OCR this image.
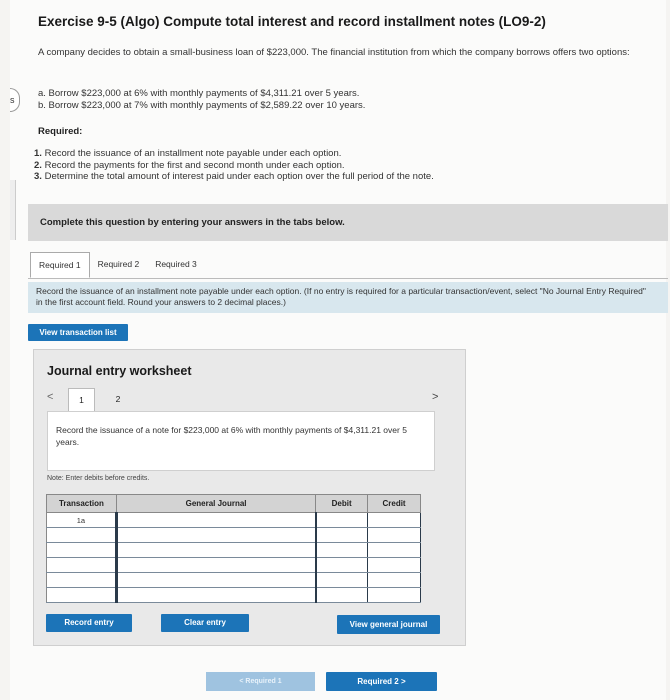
s
Exercise 9-5 (Algo) Compute total interest and record installment notes (LO9-2)
A company decides to obtain a small-business loan of $223,000. The financial institution from which the company borrows offers two options:
a. Borrow $223,000 at 6% with monthly payments of $4,311.21 over 5 years.
b. Borrow $223,000 at 7% with monthly payments of $2,589.22 over 10 years.
Required:
1. Record the issuance of an installment note payable under each option.
2. Record the payments for the first and second month under each option.
3. Determine the total amount of interest paid under each option over the full period of the note.
Complete this question by entering your answers in the tabs below.
Required 1	Required 2	Required 3
Record the issuance of an installment note payable under each option. (If no entry is required for a particular transaction/event, select "No Journal Entry Required" in the first account field. Round your answers to 2 decimal places.)
View transaction list
Journal entry worksheet
<	1	2	>
Record the issuance of a note for $223,000 at 6% with monthly payments of $4,311.21 over 5 years.
Note: Enter debits before credits.
Transaction	General Journal	Debit	Credit
1a			

Record entry	Clear entry	View general journal
< Required 1	Required 2 >
